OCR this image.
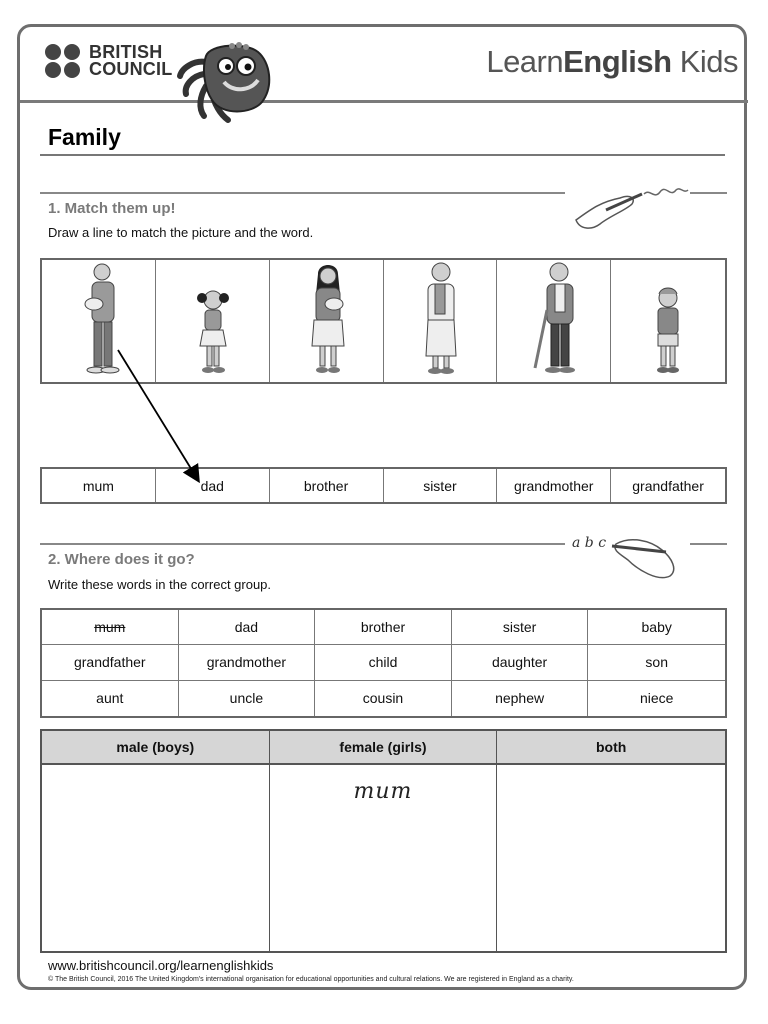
BRITISH
COUNCIL	LearnEnglish Kids
Family
1. Match them up!
Draw a line to match the picture and the word.
mum	dad	brother	sister	grandmother	grandfather
a b c
2. Where does it go?
Write these words in the correct group.
mum	dad	brother	sister	baby
grandfather	grandmother	child	daughter	son
aunt	uncle	cousin	nephew	niece
male (boys)	female (girls)	both
mum
www.britishcouncil.org/learnenglishkids
© The British Council, 2016 The United Kingdom's international organisation for educational opportunities and cultural relations. We are registered in England as a charity.
